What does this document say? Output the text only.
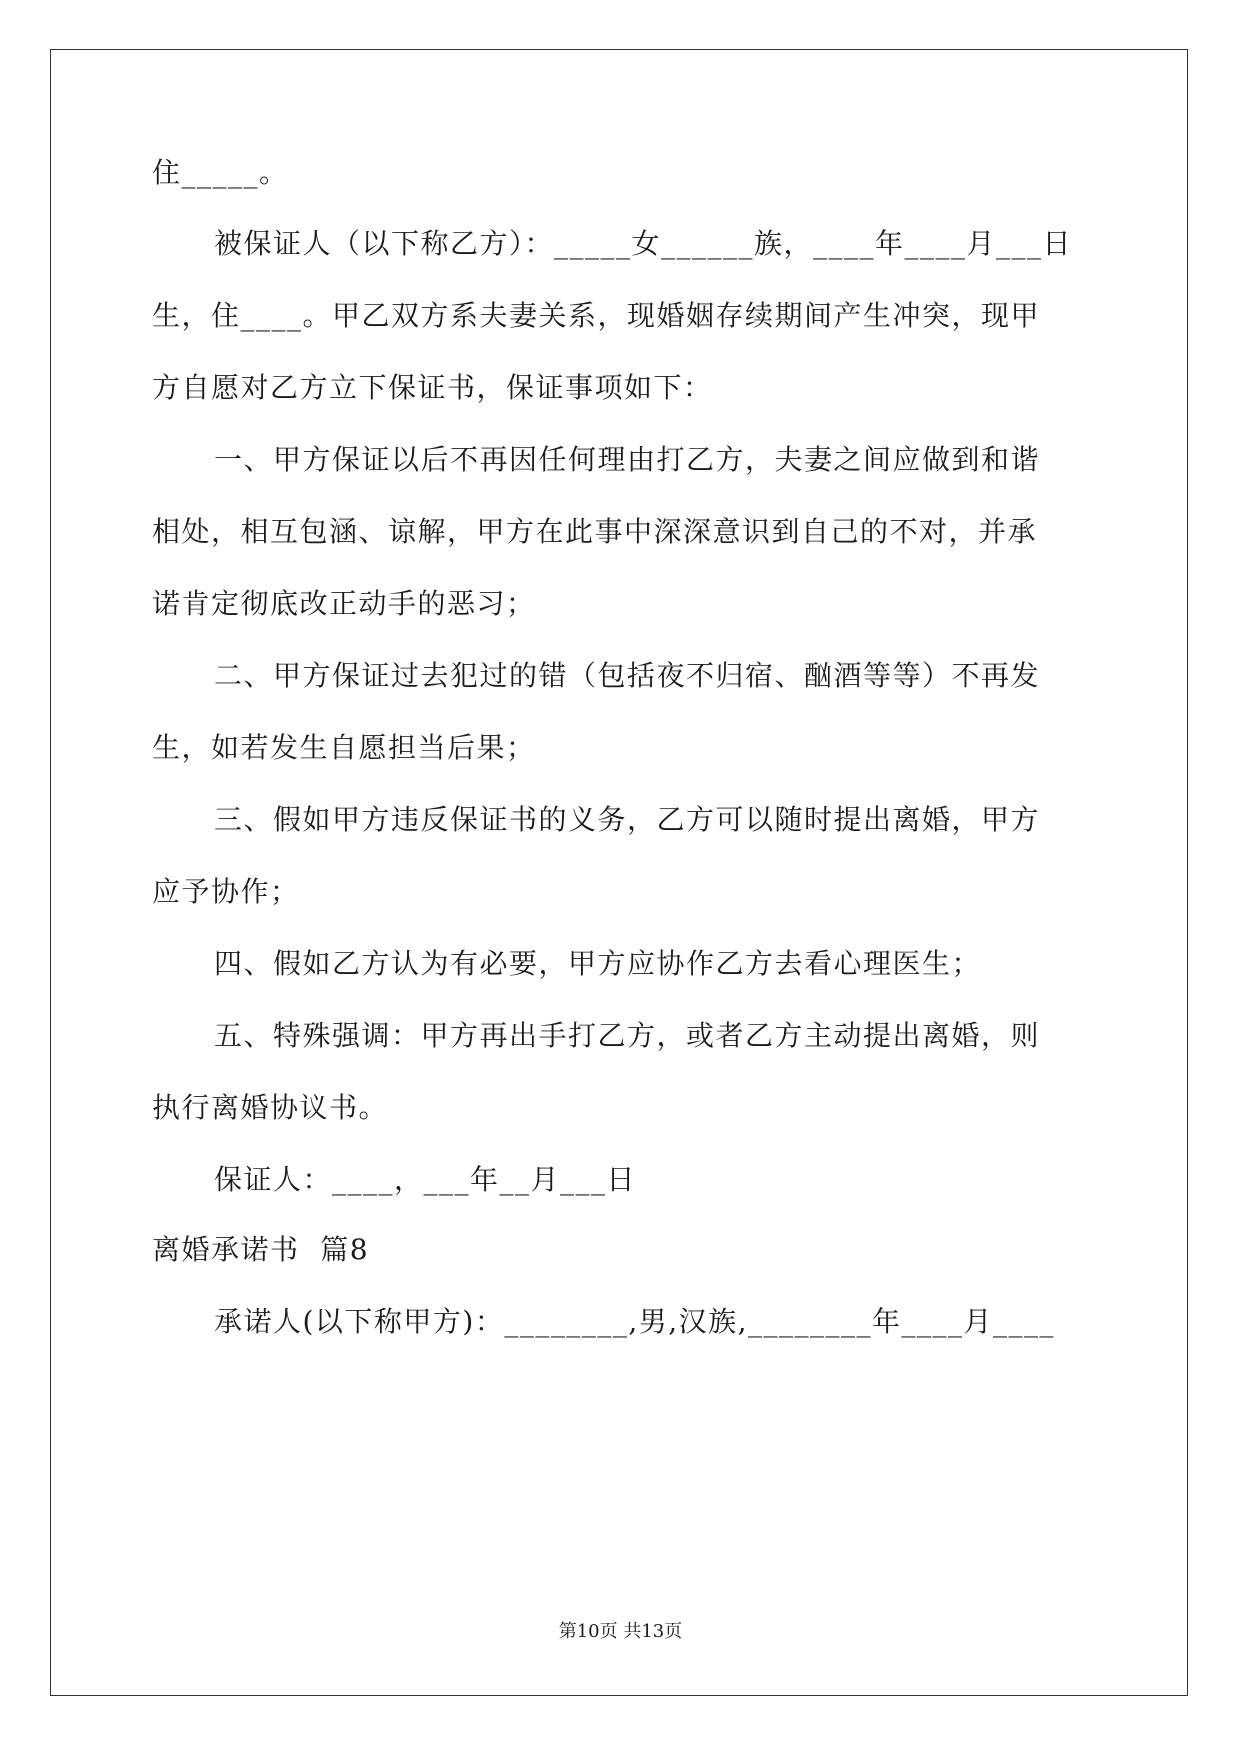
住_____。
被保证人（以下称乙方）：_____女______族，____年____月___日
生，住____。甲乙双方系夫妻关系，现婚姻存续期间产生冲突，现甲
方自愿对乙方立下保证书，保证事项如下：
一、甲方保证以后不再因任何理由打乙方，夫妻之间应做到和谐
相处，相互包涵、谅解，甲方在此事中深深意识到自己的不对，并承
诺肯定彻底改正动手的恶习；
二、甲方保证过去犯过的错（包括夜不归宿、酗酒等等）不再发
生，如若发生自愿担当后果；
三、假如甲方违反保证书的义务，乙方可以随时提出离婚，甲方
应予协作；
四、假如乙方认为有必要，甲方应协作乙方去看心理医生；
五、特殊强调：甲方再出手打乙方，或者乙方主动提出离婚，则
执行离婚协议书。
保证人：____，___年__月___日
离婚承诺书  篇8
承诺人(以下称甲方)：________,男,汉族,________年____月____
第10页 共13页
